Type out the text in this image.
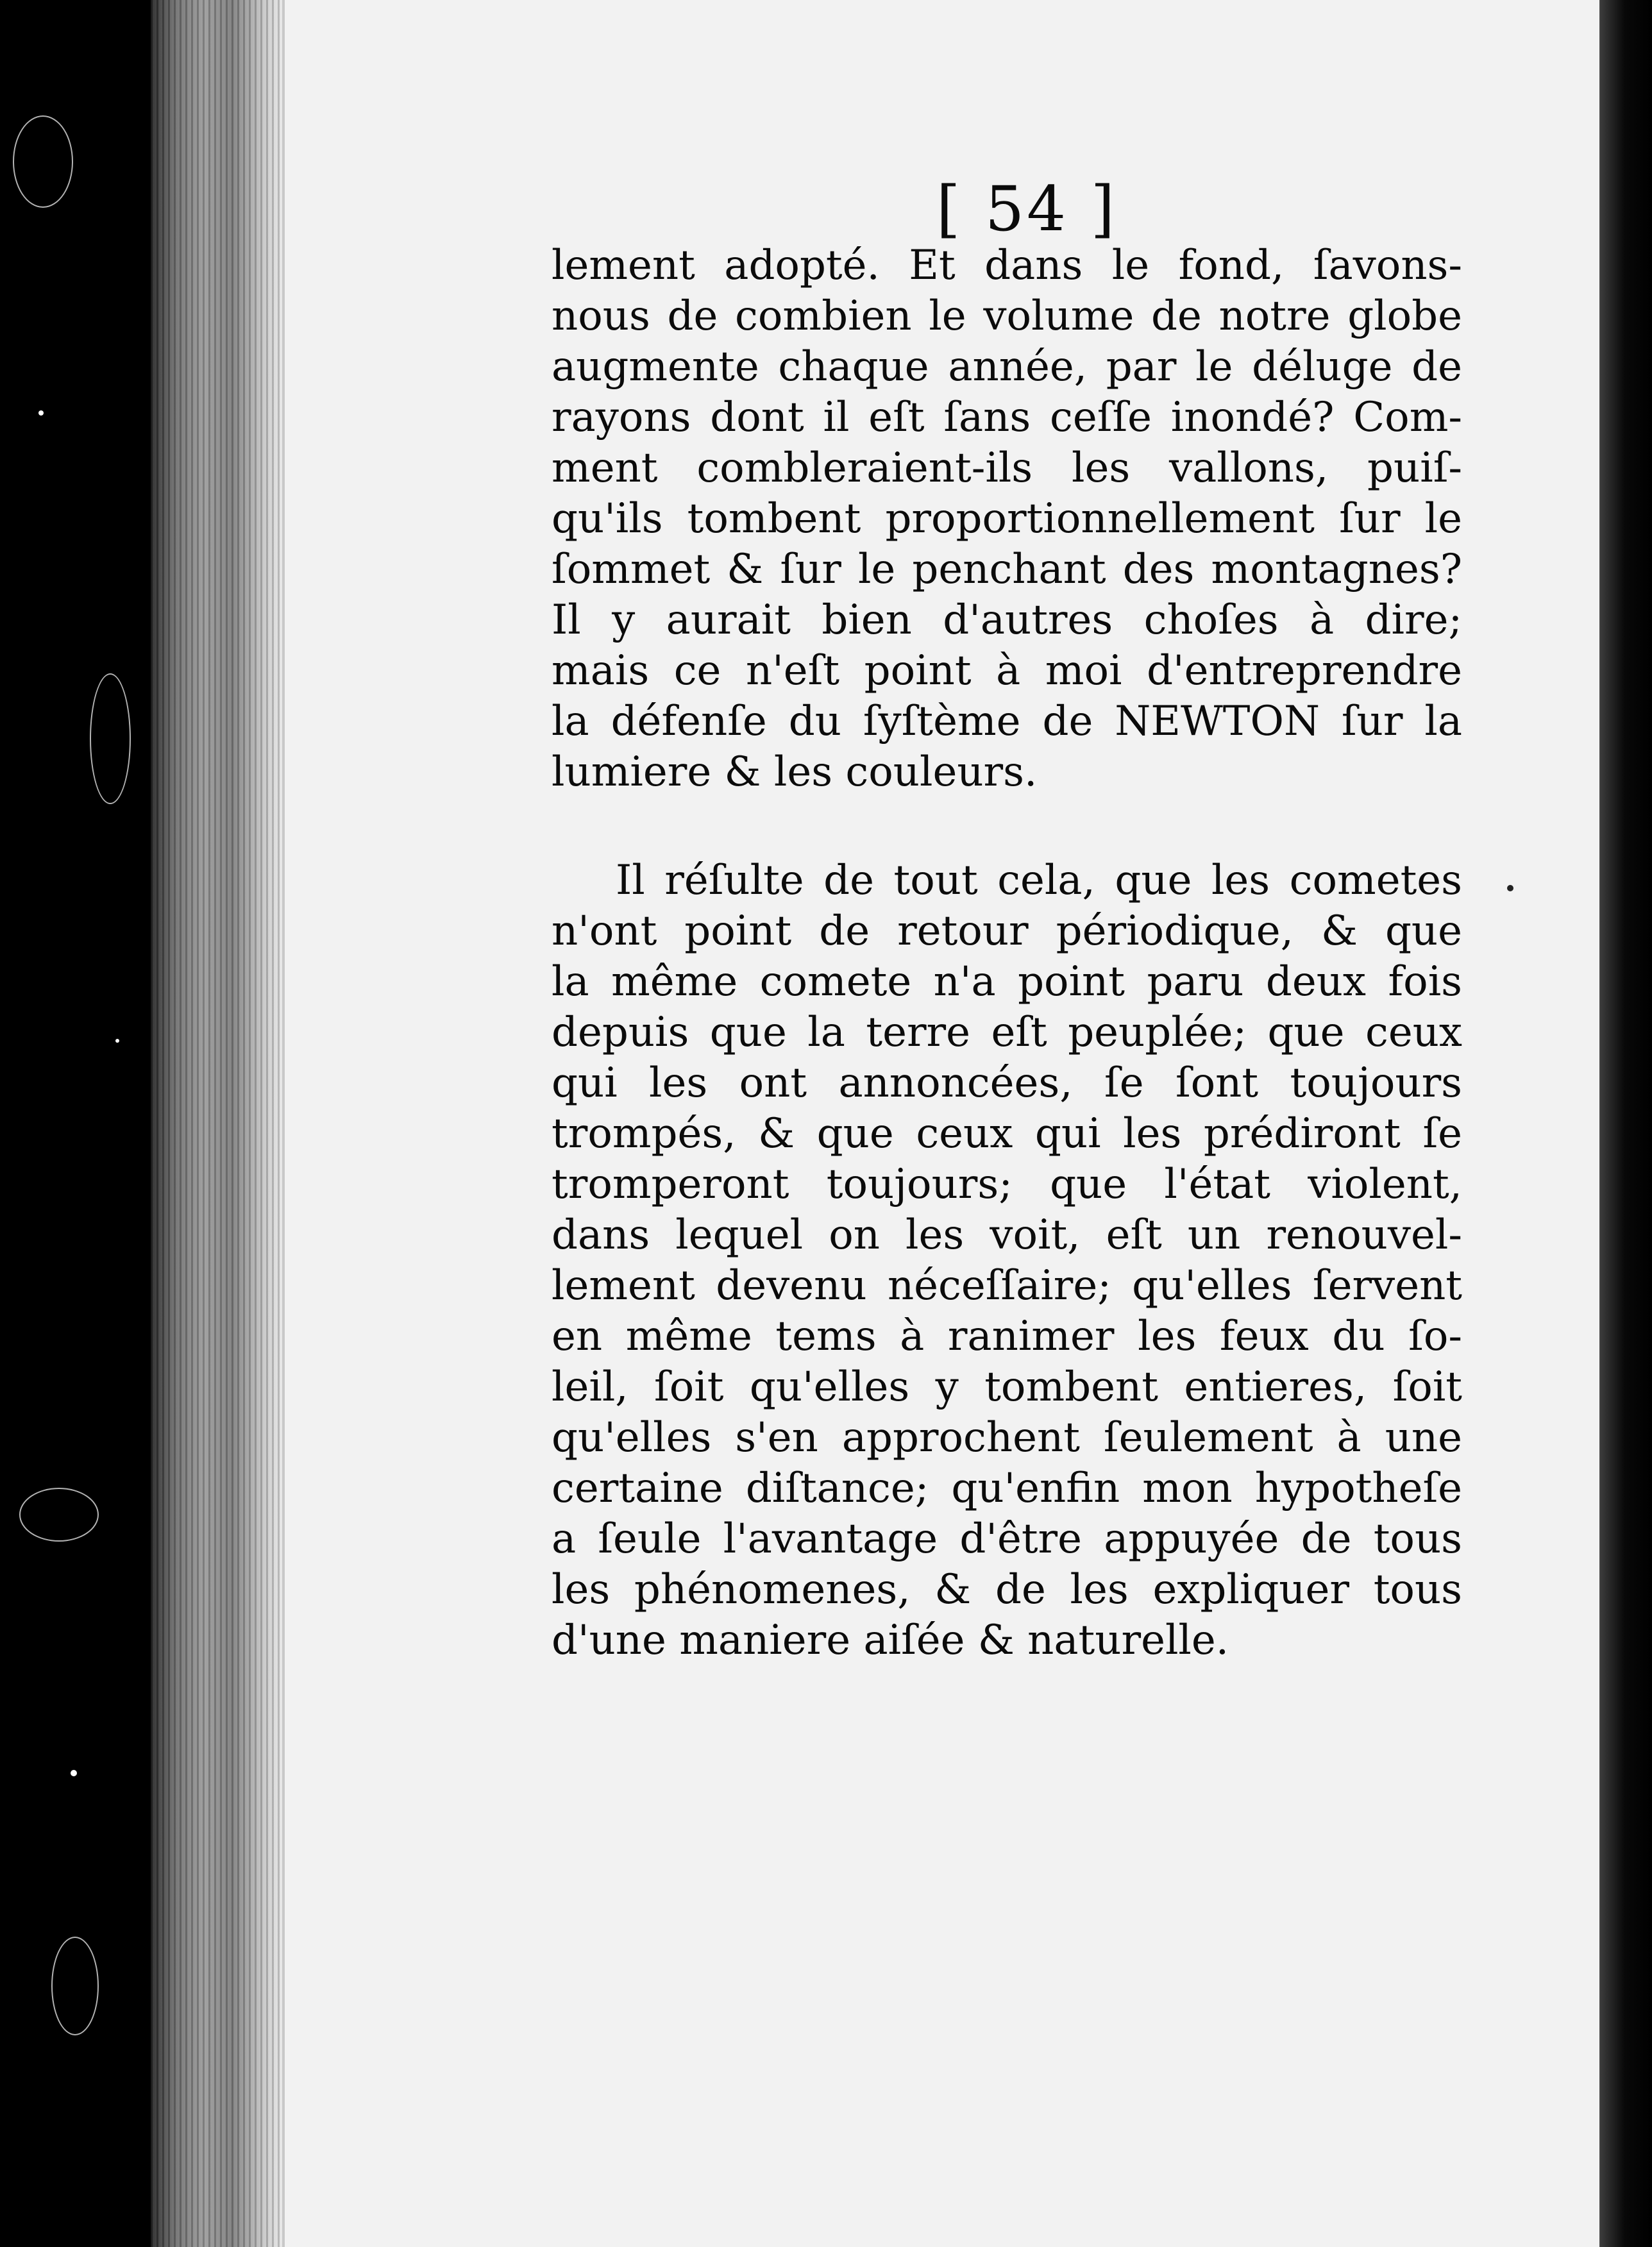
[ 54 ]
lement adopté. Et dans le fond, ſavons-
nous de combien le volume de notre globe
augmente chaque année, par le déluge de
rayons dont il eſt ſans ceſſe inondé? Com-
ment combleraient-ils les vallons, puiſ-
qu'ils tombent proportionnellement ſur le
ſommet & ſur le penchant des montagnes?
Il y aurait bien d'autres choſes à dire;
mais ce n'eſt point à moi d'entreprendre
la défenſe du ſyſtème de NEWTON ſur la
lumiere & les couleurs.
Il réſulte de tout cela, que les cometes
n'ont point de retour périodique, & que
la même comete n'a point paru deux fois
depuis que la terre eſt peuplée; que ceux
qui les ont annoncées, ſe ſont toujours
trompés, & que ceux qui les prédiront ſe
tromperont toujours; que l'état violent,
dans lequel on les voit, eſt un renouvel-
lement devenu néceſſaire; qu'elles ſervent
en même tems à ranimer les feux du ſo-
leil, ſoit qu'elles y tombent entieres, ſoit
qu'elles s'en approchent ſeulement à une
certaine diſtance; qu'enfin mon hypotheſe
a ſeule l'avantage d'être appuyée de tous
les phénomenes, & de les expliquer tous
d'une maniere aiſée & naturelle.
